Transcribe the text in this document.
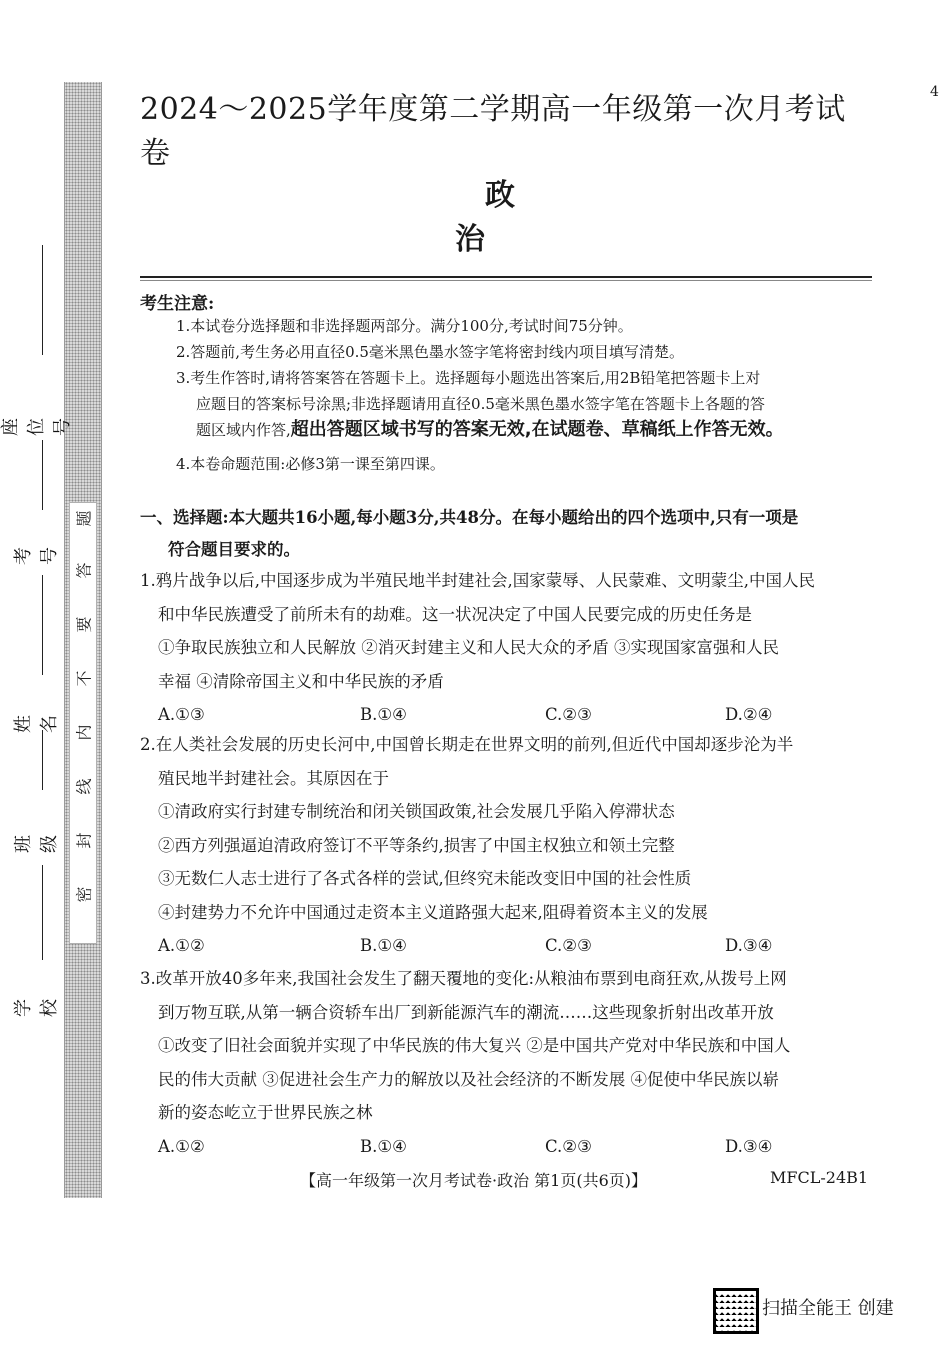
4
密
封
线
内
不
要
答
题
学校
班级
姓名
考号
座位号
2024～2025学年度第二学期高一年级第一次月考试卷
政 治
考生注意:
1.本试卷分选择题和非选择题两部分。满分100分,考试时间75分钟。
2.答题前,考生务必用直径0.5毫米黑色墨水签字笔将密封线内项目填写清楚。
3.考生作答时,请将答案答在答题卡上。选择题每小题选出答案后,用2B铅笔把答题卡上对
应题目的答案标号涂黑;非选择题请用直径0.5毫米黑色墨水签字笔在答题卡上各题的答
题区域内作答,超出答题区域书写的答案无效,在试题卷、草稿纸上作答无效。
4.本卷命题范围:必修3第一课至第四课。
一、选择题:本大题共16小题,每小题3分,共48分。在每小题给出的四个选项中,只有一项是
符合题目要求的。

1.鸦片战争以后,中国逐步成为半殖民地半封建社会,国家蒙辱、人民蒙难、文明蒙尘,中国人民

和中华民族遭受了前所未有的劫难。这一状况决定了中国人民要完成的历史任务是

①争取民族独立和人民解放 ②消灭封建主义和人民大众的矛盾 ③实现国家富强和人民

幸福 ④清除帝国主义和中华民族的矛盾

A.①③	B.①④	C.②③	D.②④

2.在人类社会发展的历史长河中,中国曾长期走在世界文明的前列,但近代中国却逐步沦为半

殖民地半封建社会。其原因在于

①清政府实行封建专制统治和闭关锁国政策,社会发展几乎陷入停滞状态

②西方列强逼迫清政府签订不平等条约,损害了中国主权独立和领土完整

③无数仁人志士进行了各式各样的尝试,但终究未能改变旧中国的社会性质

④封建势力不允许中国通过走资本主义道路强大起来,阻碍着资本主义的发展

A.①②	B.①④	C.②③	D.③④

3.改革开放40多年来,我国社会发生了翻天覆地的变化:从粮油布票到电商狂欢,从拨号上网

到万物互联,从第一辆合资轿车出厂到新能源汽车的潮流……这些现象折射出改革开放

①改变了旧社会面貌并实现了中华民族的伟大复兴 ②是中国共产党对中华民族和中国人

民的伟大贡献 ③促进社会生产力的解放以及社会经济的不断发展 ④促使中华民族以崭

新的姿态屹立于世界民族之林

A.①②	B.①④	C.②③	D.③④
【高一年级第一次月考试卷·政治 第1页(共6页)】	MFCL-24B1
扫描全能王 创建
